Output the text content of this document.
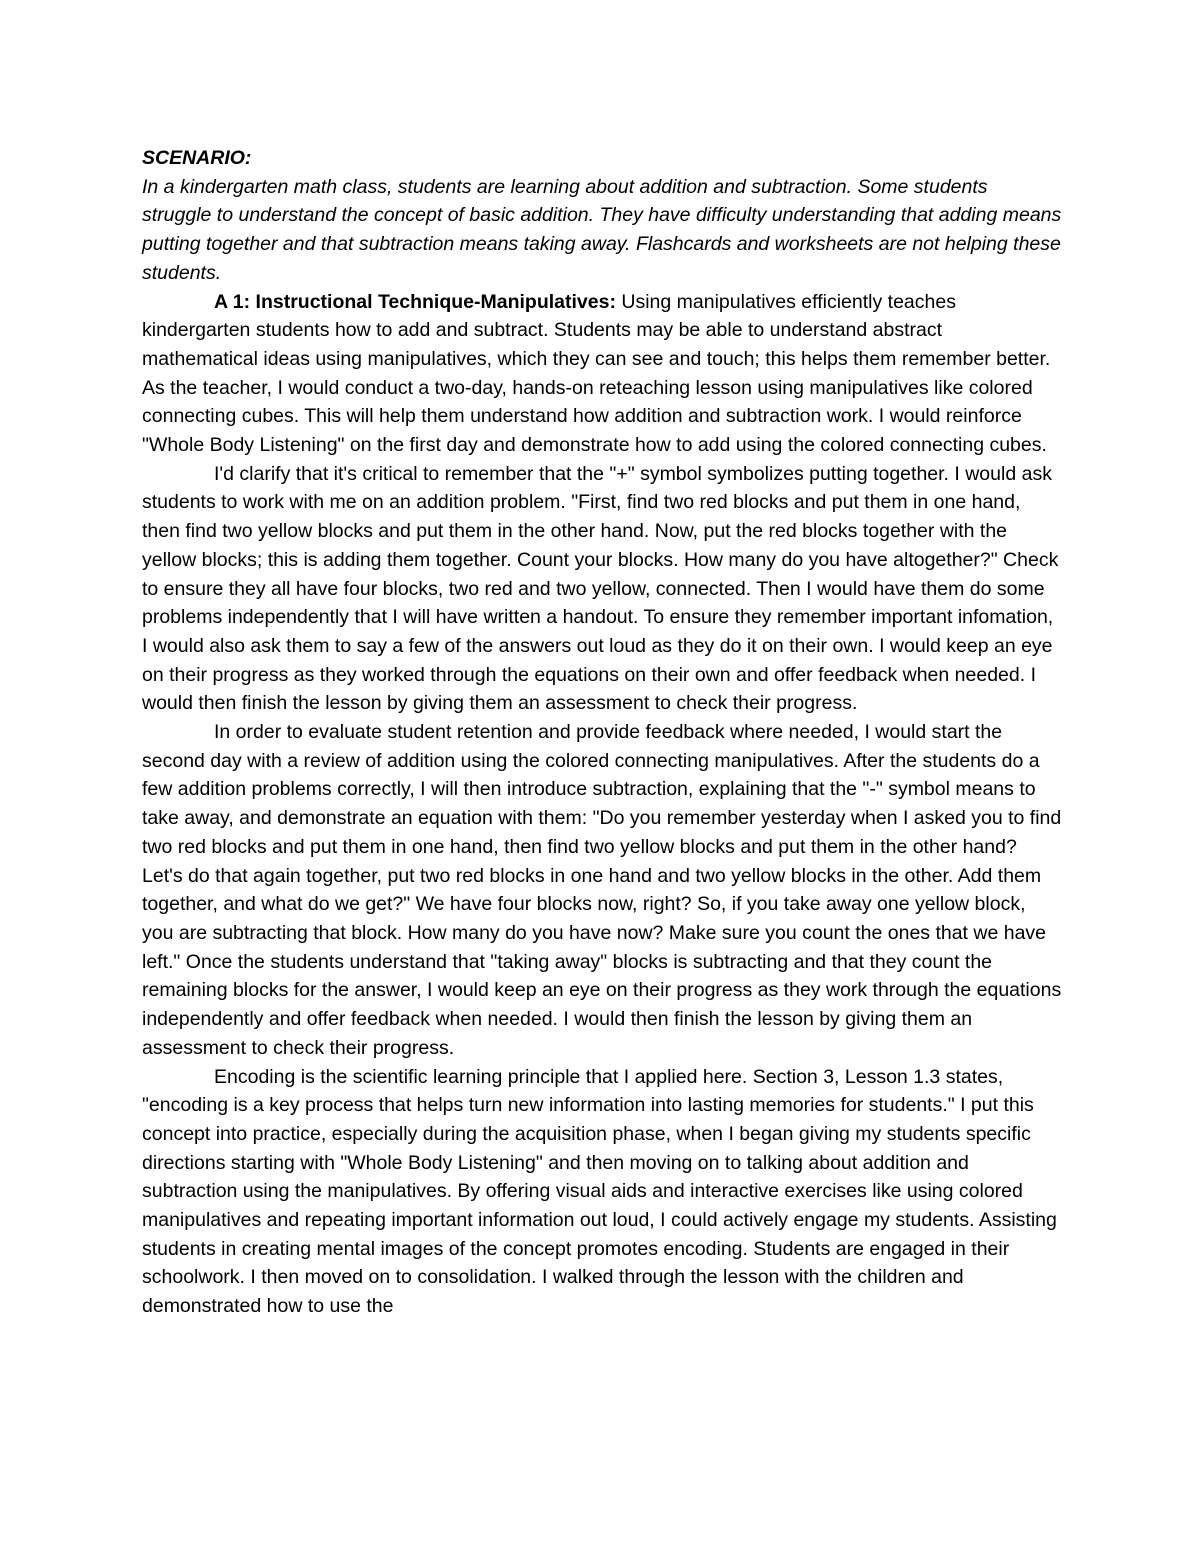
SCENARIO:

In a kindergarten math class, students are learning about addition and subtraction. Some students struggle to understand the concept of basic addition. They have difficulty understanding that adding means putting together and that subtraction means taking away. Flashcards and worksheets are not helping these students.

A 1: Instructional Technique-Manipulatives: Using manipulatives efficiently teaches kindergarten students how to add and subtract. Students may be able to understand abstract mathematical ideas using manipulatives, which they can see and touch; this helps them remember better. As the teacher, I would conduct a two-day, hands-on reteaching lesson using manipulatives like colored connecting cubes. This will help them understand how addition and subtraction work. I would reinforce "Whole Body Listening" on the first day and demonstrate how to add using the colored connecting cubes.

I'd clarify that it's critical to remember that the "+" symbol symbolizes putting together. I would ask students to work with me on an addition problem. "First, find two red blocks and put them in one hand, then find two yellow blocks and put them in the other hand. Now, put the red blocks together with the yellow blocks; this is adding them together. Count your blocks. How many do you have altogether?" Check to ensure they all have four blocks, two red and two yellow, connected. Then I would have them do some problems independently that I will have written a handout. To ensure they remember important infomation, I would also ask them to say a few of the answers out loud as they do it on their own. I would keep an eye on their progress as they worked through the equations on their own and offer feedback when needed. I would then finish the lesson by giving them an assessment to check their progress.

In order to evaluate student retention and provide feedback where needed, I would start the second day with a review of addition using the colored connecting manipulatives. After the students do a few addition problems correctly, I will then introduce subtraction, explaining that the "-" symbol means to take away, and demonstrate an equation with them: "Do you remember yesterday when I asked you to find two red blocks and put them in one hand, then find two yellow blocks and put them in the other hand? Let's do that again together, put two red blocks in one hand and two yellow blocks in the other. Add them together, and what do we get?" We have four blocks now, right? So, if you take away one yellow block, you are subtracting that block. How many do you have now? Make sure you count the ones that we have left." Once the students understand that "taking away" blocks is subtracting and that they count the remaining blocks for the answer, I would keep an eye on their progress as they work through the equations independently and offer feedback when needed. I would then finish the lesson by giving them an assessment to check their progress.

Encoding is the scientific learning principle that I applied here. Section 3, Lesson 1.3 states, "encoding is a key process that helps turn new information into lasting memories for students." I put this concept into practice, especially during the acquisition phase, when I began giving my students specific directions starting with "Whole Body Listening" and then moving on to talking about addition and subtraction using the manipulatives. By offering visual aids and interactive exercises like using colored manipulatives and repeating important information out loud, I could actively engage my students. Assisting students in creating mental images of the concept promotes encoding. Students are engaged in their schoolwork. I then moved on to consolidation. I walked through the lesson with the children and demonstrated how to use the
